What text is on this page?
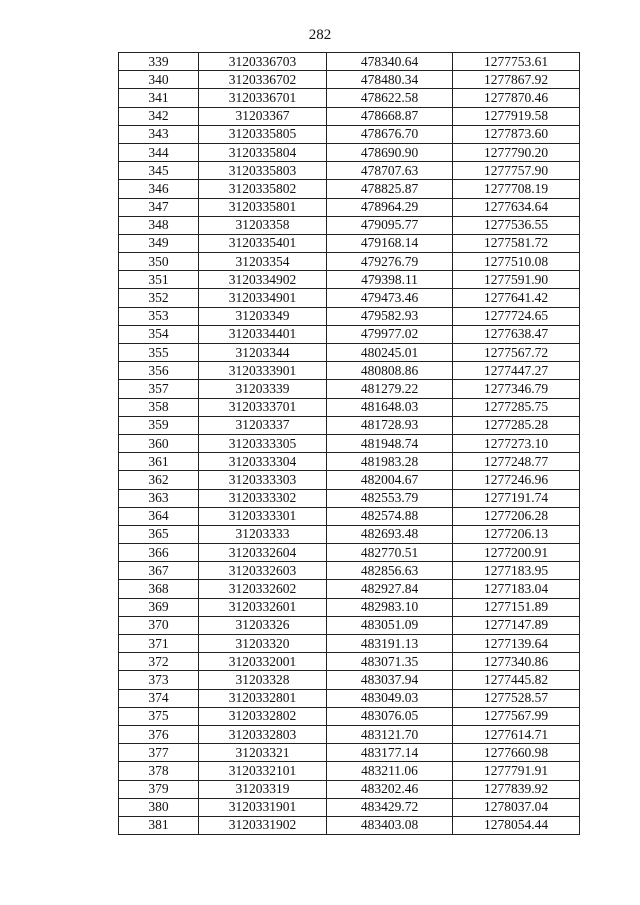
282
339	3120336703	478340.64	1277753.61
340	3120336702	478480.34	1277867.92
341	3120336701	478622.58	1277870.46
342	31203367	478668.87	1277919.58
343	3120335805	478676.70	1277873.60
344	3120335804	478690.90	1277790.20
345	3120335803	478707.63	1277757.90
346	3120335802	478825.87	1277708.19
347	3120335801	478964.29	1277634.64
348	31203358	479095.77	1277536.55
349	3120335401	479168.14	1277581.72
350	31203354	479276.79	1277510.08
351	3120334902	479398.11	1277591.90
352	3120334901	479473.46	1277641.42
353	31203349	479582.93	1277724.65
354	3120334401	479977.02	1277638.47
355	31203344	480245.01	1277567.72
356	3120333901	480808.86	1277447.27
357	31203339	481279.22	1277346.79
358	3120333701	481648.03	1277285.75
359	31203337	481728.93	1277285.28
360	3120333305	481948.74	1277273.10
361	3120333304	481983.28	1277248.77
362	3120333303	482004.67	1277246.96
363	3120333302	482553.79	1277191.74
364	3120333301	482574.88	1277206.28
365	31203333	482693.48	1277206.13
366	3120332604	482770.51	1277200.91
367	3120332603	482856.63	1277183.95
368	3120332602	482927.84	1277183.04
369	3120332601	482983.10	1277151.89
370	31203326	483051.09	1277147.89
371	31203320	483191.13	1277139.64
372	3120332001	483071.35	1277340.86
373	31203328	483037.94	1277445.82
374	3120332801	483049.03	1277528.57
375	3120332802	483076.05	1277567.99
376	3120332803	483121.70	1277614.71
377	31203321	483177.14	1277660.98
378	3120332101	483211.06	1277791.91
379	31203319	483202.46	1277839.92
380	3120331901	483429.72	1278037.04
381	3120331902	483403.08	1278054.44
